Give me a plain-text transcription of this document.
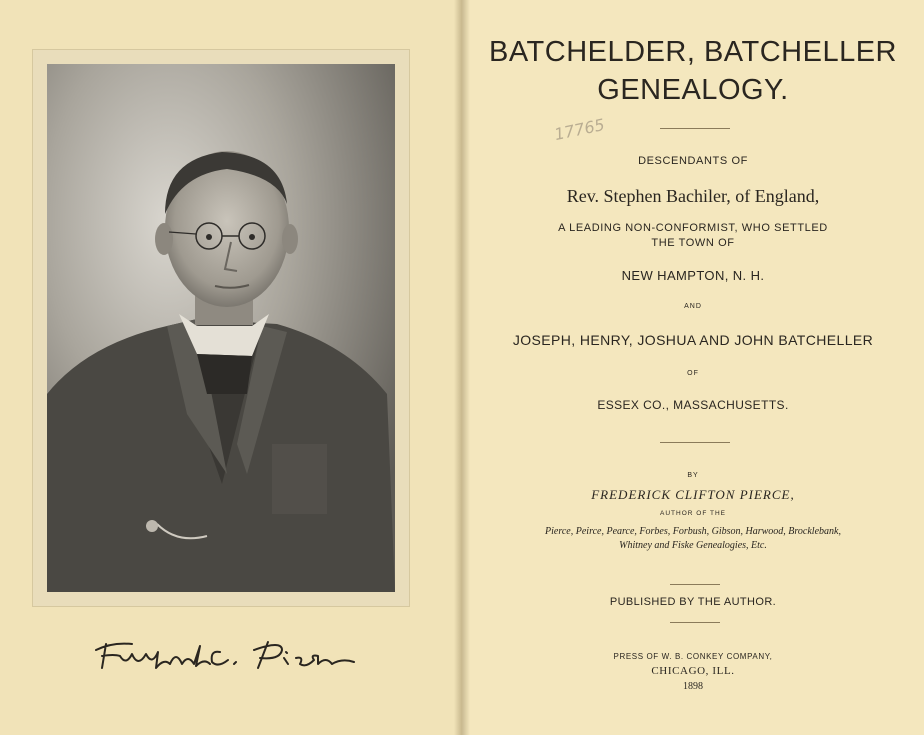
17765
BATCHELDER, BATCHELLER
GENEALOGY.
DESCENDANTS OF
Rev. Stephen Bachiler, of England,
A LEADING NON-CONFORMIST, WHO SETTLED
THE TOWN OF
NEW HAMPTON, N. H.
AND
JOSEPH, HENRY, JOSHUA AND JOHN BATCHELLER
OF
ESSEX CO., MASSACHUSETTS.
BY
FREDERICK CLIFTON PIERCE,
AUTHOR OF THE
Pierce, Peirce, Pearce, Forbes, Forbush, Gibson, Harwood, Brocklebank,
Whitney and Fiske Genealogies, Etc.
PUBLISHED BY THE AUTHOR.
PRESS OF W. B. CONKEY COMPANY,
CHICAGO, ILL.
1898
